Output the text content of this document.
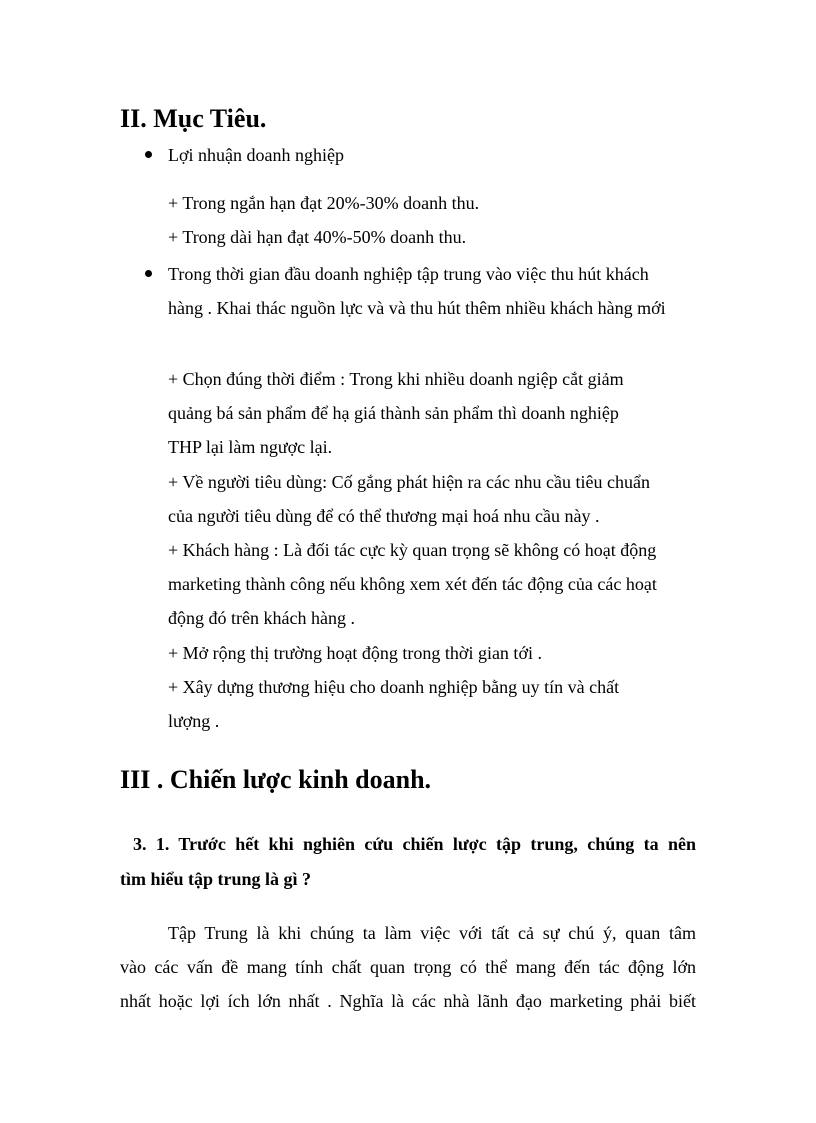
II. Mục Tiêu.

Lợi nhuận doanh nghiệp

+ Trong ngắn hạn đạt 20%-30% doanh thu.

+ Trong dài hạn đạt 40%-50% doanh thu.

Trong thời gian đầu doanh nghiệp tập trung vào việc thu hút khách

hàng . Khai thác nguồn lực và và thu hút thêm nhiều khách hàng mới

+ Chọn đúng thời điểm : Trong khi nhiều doanh ngiệp cắt giảm

quảng bá sản phẩm để hạ giá thành sản phẩm thì doanh nghiệp

THP lại làm ngược lại.

+ Về người tiêu dùng: Cố gắng phát hiện ra các nhu cầu tiêu chuẩn

của người tiêu dùng để có thể thương mại hoá nhu cầu này .

+ Khách hàng : Là đối tác cực kỳ quan trọng sẽ không có hoạt động

marketing thành công nếu không xem xét đến tác động của các hoạt

động đó trên khách hàng .

+ Mở rộng thị trường hoạt động trong thời gian tới .

+ Xây dựng thương hiệu cho doanh nghiệp bằng uy tín và chất

lượng .

III . Chiến lược kinh doanh.

3. 1. Trước hết khi nghiên cứu chiến lược tập trung, chúng ta nên

tìm hiểu tập trung là gì ?

Tập Trung là khi chúng ta làm việc với tất cả sự chú ý, quan tâm

vào các vấn đề mang tính chất quan trọng có thể mang đến tác động lớn

nhất hoặc lợi ích lớn nhất . Nghĩa là các nhà lãnh đạo marketing phải biết
